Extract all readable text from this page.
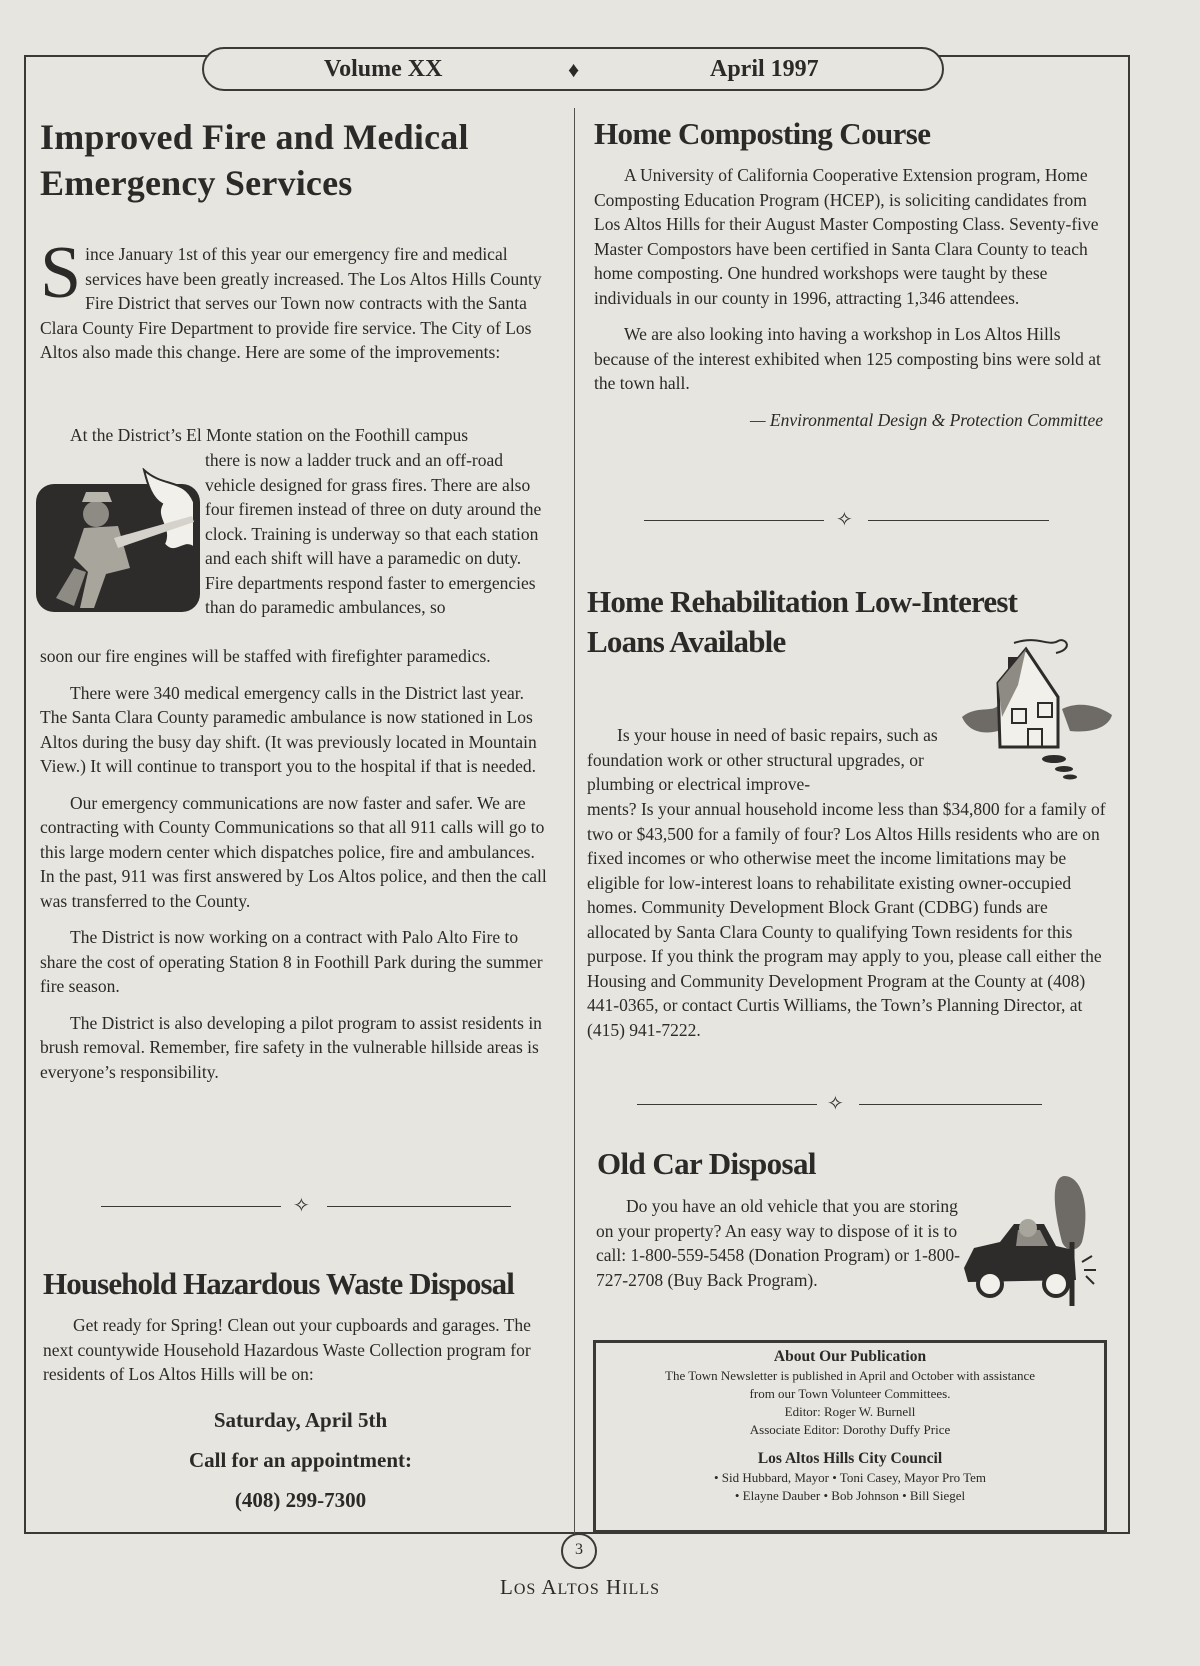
Volume XX	♦	April 1997
Improved Fire and Medical
Emergency Services
S ince January 1st of this year our emergency fire and medical services have been greatly increased. The Los Altos Hills County Fire District that serves our Town now contracts with the Santa Clara County Fire Department to provide fire service. The City of Los Altos also made this change. Here are some of the improvements:

At the District’s El Monte station on the Foothill campus

there is now a ladder truck and an off-road vehicle designed for grass fires. There are also four firemen instead of three on duty around the clock. Training is underway so that each station and each shift will have a paramedic on duty. Fire departments respond faster to emergencies than do paramedic ambulances, so

soon our fire engines will be staffed with firefighter paramedics.

There were 340 medical emergency calls in the District last year. The Santa Clara County paramedic ambulance is now stationed in Los Altos during the busy day shift. (It was previously located in Mountain View.) It will continue to transport you to the hospital if that is needed.

Our emergency communications are now faster and safer. We are contracting with County Communications so that all 911 calls will go to this large modern center which dispatches police, fire and ambulances. In the past, 911 was first answered by Los Altos police, and then the call was transferred to the County.

The District is now working on a contract with Palo Alto Fire to share the cost of operating Station 8 in Foothill Park during the summer fire season.

The District is also developing a pilot program to assist residents in brush removal. Remember, fire safety in the vulnerable hillside areas is everyone’s responsibility.

✧
Household Hazardous Waste Disposal

Get ready for Spring! Clean out your cupboards and garages. The next countywide Household Hazardous Waste Collection program for residents of Los Altos Hills will be on:

Saturday, April 5th
Call for an appointment:
(408) 299-7300
Home Composting Course

A University of California Cooperative Extension program, Home Composting Education Program (HCEP), is soliciting candidates from Los Altos Hills for their August Master Composting Class. Seventy-five Master Compostors have been certified in Santa Clara County to teach home composting. One hundred workshops were taught by these individuals in our county in 1996, attracting 1,346 attendees.

We are also looking into having a workshop in Los Altos Hills because of the interest exhibited when 125 composting bins were sold at the town hall.

— Environmental Design & Protection Committee

✧
Home Rehabilitation Low-Interest
Loans Available

Is your house in need of basic repairs, such as foundation work or other structural upgrades, or plumbing or electrical improve-

ments? Is your annual household income less than $34,800 for a family of two or $43,500 for a family of four? Los Altos Hills residents who are on fixed incomes or who otherwise meet the income limitations may be eligible for low-interest loans to rehabilitate existing owner-occupied homes. Community Development Block Grant (CDBG) funds are allocated by Santa Clara County to qualifying Town residents for this purpose. If you think the program may apply to you, please call either the Housing and Community Development Program at the County at (408) 441-0365, or contact Curtis Williams, the Town’s Planning Director, at (415) 941-7222.

✧
Old Car Disposal

Do you have an old vehicle that you are storing on your property? An easy way to dispose of it is to call: 1-800-559-5458 (Donation Program) or 1-800-727-2708 (Buy Back Program).

About Our Publication
The Town Newsletter is published in April and October with assistance
from our Town Volunteer Committees.
Editor: Roger W. Burnell
Associate Editor: Dorothy Duffy Price
Los Altos Hills City Council
• Sid Hubbard, Mayor • Toni Casey, Mayor Pro Tem
• Elayne Dauber • Bob Johnson • Bill Siegel
3
LOS ALTOS HILLS
